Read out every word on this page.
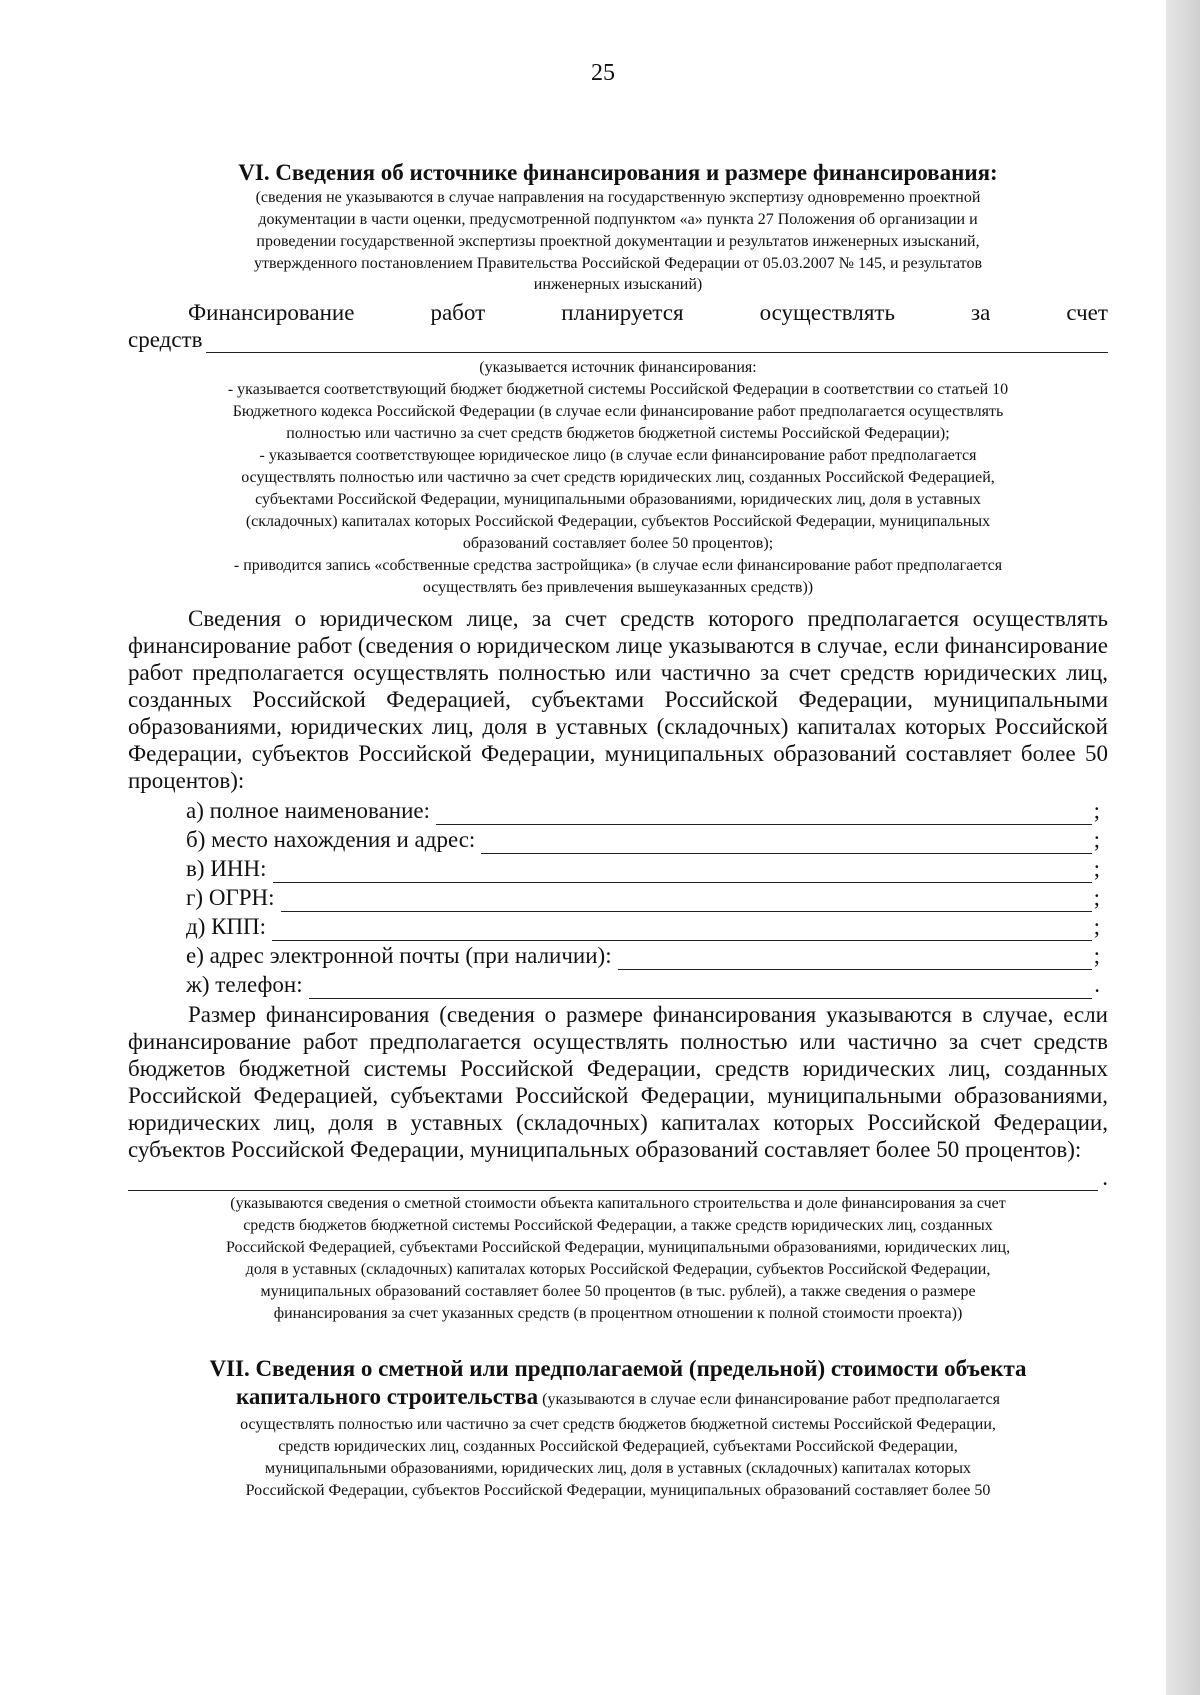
25

VI. Сведения об источнике финансирования и размере финансирования:

(сведения не указываются в случае направления на государственную экспертизу одновременно проектной

документации в части оценки, предусмотренной подпунктом «а» пункта 27 Положения об организации и

проведении государственной экспертизы проектной документации и результатов инженерных изысканий,

утвержденного постановлением Правительства Российской Федерации от 05.03.2007 № 145, и результатов

инженерных изысканий)

Финансирование	работ	планируется	осуществлять	за	счет
средств

(указывается источник финансирования:

- указывается соответствующий бюджет бюджетной системы Российской Федерации в соответствии со статьей 10

Бюджетного кодекса Российской Федерации (в случае если финансирование работ предполагается осуществлять

полностью или частично за счет средств бюджетов бюджетной системы Российской Федерации);

- указывается соответствующее юридическое лицо (в случае если финансирование работ предполагается

осуществлять полностью или частично за счет средств юридических лиц, созданных Российской Федерацией,

субъектами Российской Федерации, муниципальными образованиями, юридических лиц, доля в уставных

(складочных) капиталах которых Российской Федерации, субъектов Российской Федерации, муниципальных

образований составляет более 50 процентов);

- приводится запись «собственные средства застройщика» (в случае если финансирование работ предполагается

осуществлять без привлечения вышеуказанных средств))

Сведения о юридическом лице, за счет средств которого предполагается осуществлять финансирование работ (сведения о юридическом лице указываются в случае, если финансирование работ предполагается осуществлять полностью или частично за счет средств юридических лиц, созданных Российской Федерацией, субъектами Российской Федерации, муниципальными образованиями, юридических лиц, доля в уставных (складочных) капиталах которых Российской Федерации, субъектов Российской Федерации, муниципальных образований составляет более 50 процентов):

а) полное наименование:	;
б) место нахождения и адрес:	;
в) ИНН:	;
г) ОГРН:	;
д) КПП:	;
е) адрес электронной почты (при наличии):	;
ж) телефон:	.

Размер финансирования (сведения о размере финансирования указываются в случае, если финансирование работ предполагается осуществлять полностью или частично за счет средств бюджетов бюджетной системы Российской Федерации, средств юридических лиц, созданных Российской Федерацией, субъектами Российской Федерации, муниципальными образованиями, юридических лиц, доля в уставных (складочных) капиталах которых Российской Федерации, субъектов Российской Федерации, муниципальных образований составляет более 50 процентов):

.

(указываются сведения о сметной стоимости объекта капитального строительства и доле финансирования за счет

средств бюджетов бюджетной системы Российской Федерации, а также средств юридических лиц, созданных

Российской Федерацией, субъектами Российской Федерации, муниципальными образованиями, юридических лиц,

доля в уставных (складочных) капиталах которых Российской Федерации, субъектов Российской Федерации,

муниципальных образований составляет более 50 процентов (в тыс. рублей), а также сведения о размере

финансирования за счет указанных средств (в процентном отношении к полной стоимости проекта))

VII. Сведения о сметной или предполагаемой (предельной) стоимости объекта

капитального строительства (указываются в случае если финансирование работ предполагается

осуществлять полностью или частично за счет средств бюджетов бюджетной системы Российской Федерации,

средств юридических лиц, созданных Российской Федерацией, субъектами Российской Федерации,

муниципальными образованиями, юридических лиц, доля в уставных (складочных) капиталах которых

Российской Федерации, субъектов Российской Федерации, муниципальных образований составляет более 50
